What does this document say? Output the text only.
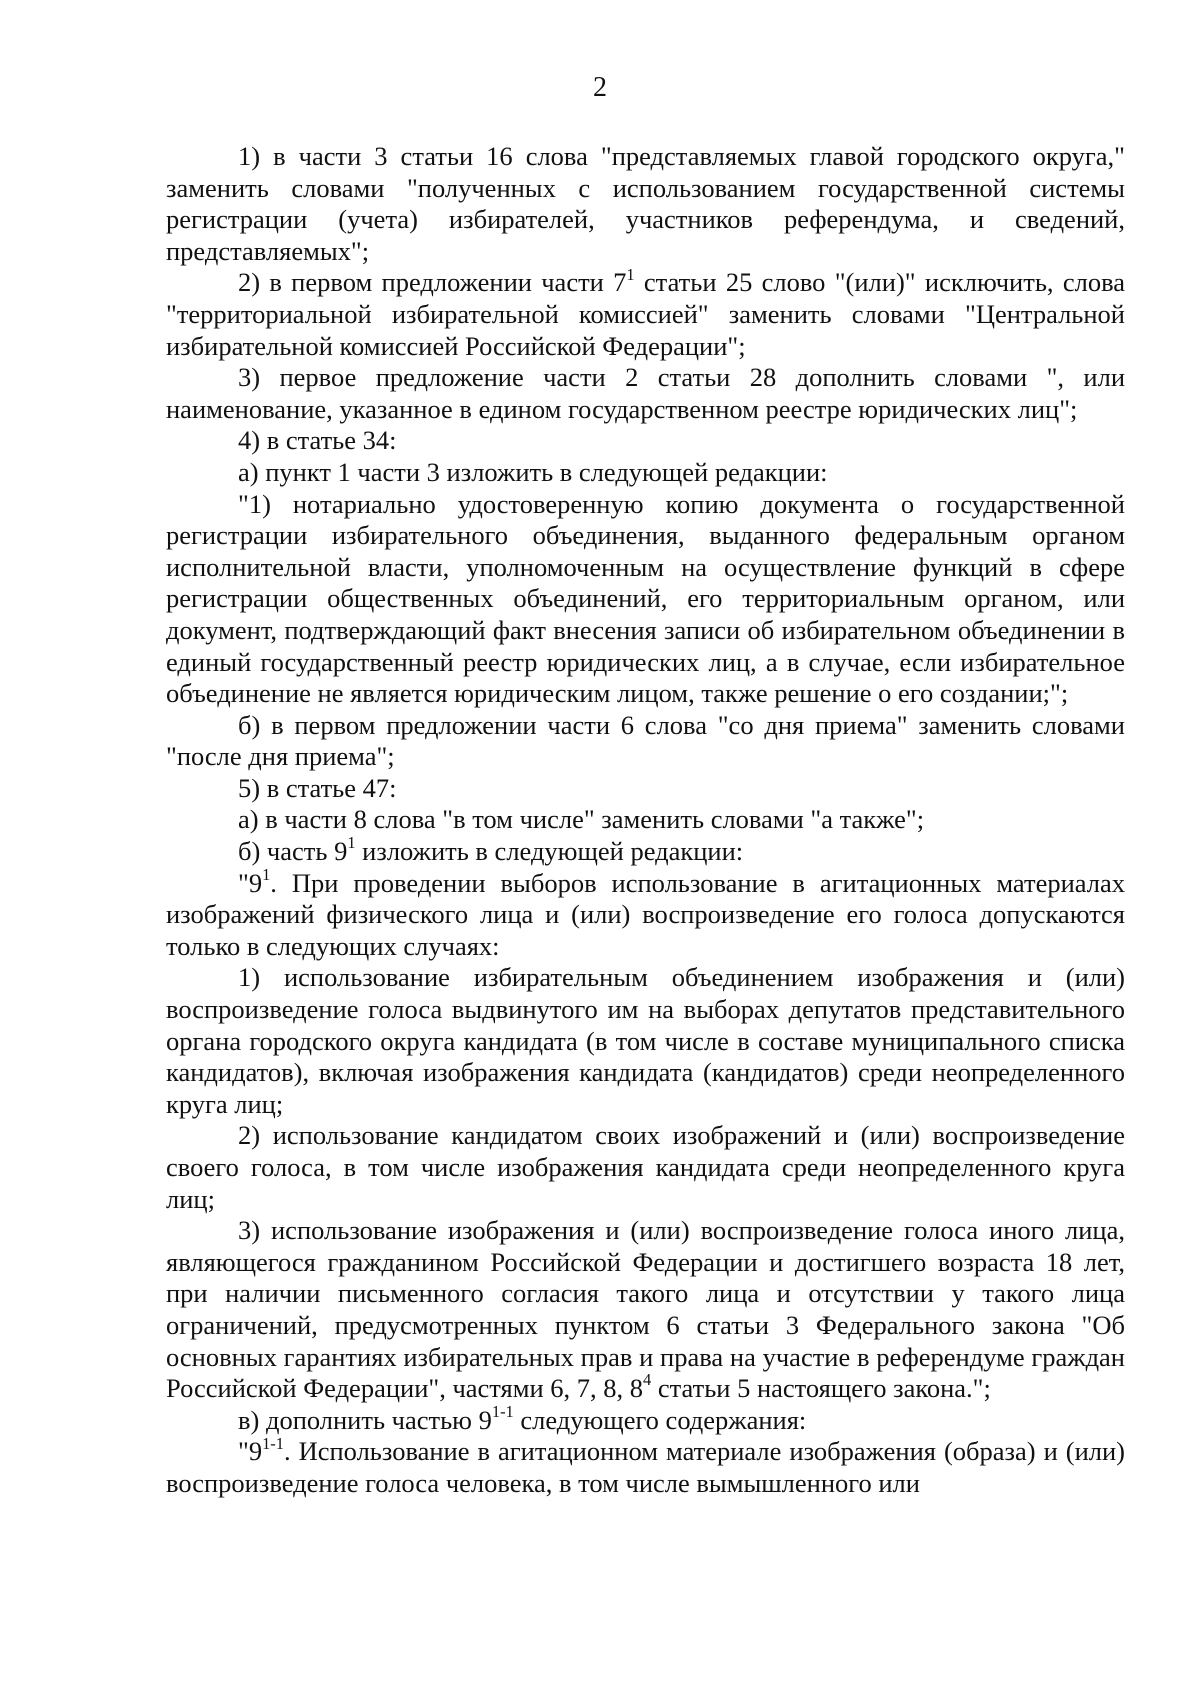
2

1) в части 3 статьи 16 слова "представляемых главой городского округа," заменить словами "полученных с использованием государственной системы регистрации (учета) избирателей, участников референдума, и сведений, представляемых";

2) в первом предложении части $7^1$ статьи 25 слово "(или)" исключить, слова "территориальной избирательной комиссией" заменить словами "Центральной избирательной комиссией Российской Федерации";

3) первое предложение части 2 статьи 28 дополнить словами ", или наименование, указанное в едином государственном реестре юридических лиц";

4) в статье 34:

а) пункт 1 части 3 изложить в следующей редакции:

"1) нотариально удостоверенную копию документа о государственной регистрации избирательного объединения, выданного федеральным органом исполнительной власти, уполномоченным на осуществление функций в сфере регистрации общественных объединений, его территориальным органом, или документ, подтверждающий факт внесения записи об избирательном объединении в единый государственный реестр юридических лиц, а в случае, если избирательное объединение не является юридическим лицом, также решение о его создании;";

б) в первом предложении части 6 слова "со дня приема" заменить словами "после дня приема";

5) в статье 47:

а) в части 8 слова "в том числе" заменить словами "а также";

б) часть $9^1$ изложить в следующей редакции:

"$9^1$. При проведении выборов использование в агитационных материалах изображений физического лица и (или) воспроизведение его голоса допускаются только в следующих случаях:

1) использование избирательным объединением изображения и (или) воспроизведение голоса выдвинутого им на выборах депутатов представительного органа городского округа кандидата (в том числе в составе муниципального списка кандидатов), включая изображения кандидата (кандидатов) среди неопределенного круга лиц;

2) использование кандидатом своих изображений и (или) воспроизведение своего голоса, в том числе изображения кандидата среди неопределенного круга лиц;

3) использование изображения и (или) воспроизведение голоса иного лица, являющегося гражданином Российской Федерации и достигшего возраста 18 лет, при наличии письменного согласия такого лица и отсутствии у такого лица ограничений, предусмотренных пунктом 6 статьи 3 Федерального закона "Об основных гарантиях избирательных прав и права на участие в референдуме граждан Российской Федерации", частями 6, 7, 8, $8^4$ статьи 5 настоящего закона.";

в) дополнить частью 9$^{1-1}$ следующего содержания:

"9$^{1-1}$. Использование в агитационном материале изображения (образа) и (или) воспроизведение голоса человека, в том числе вымышленного или
